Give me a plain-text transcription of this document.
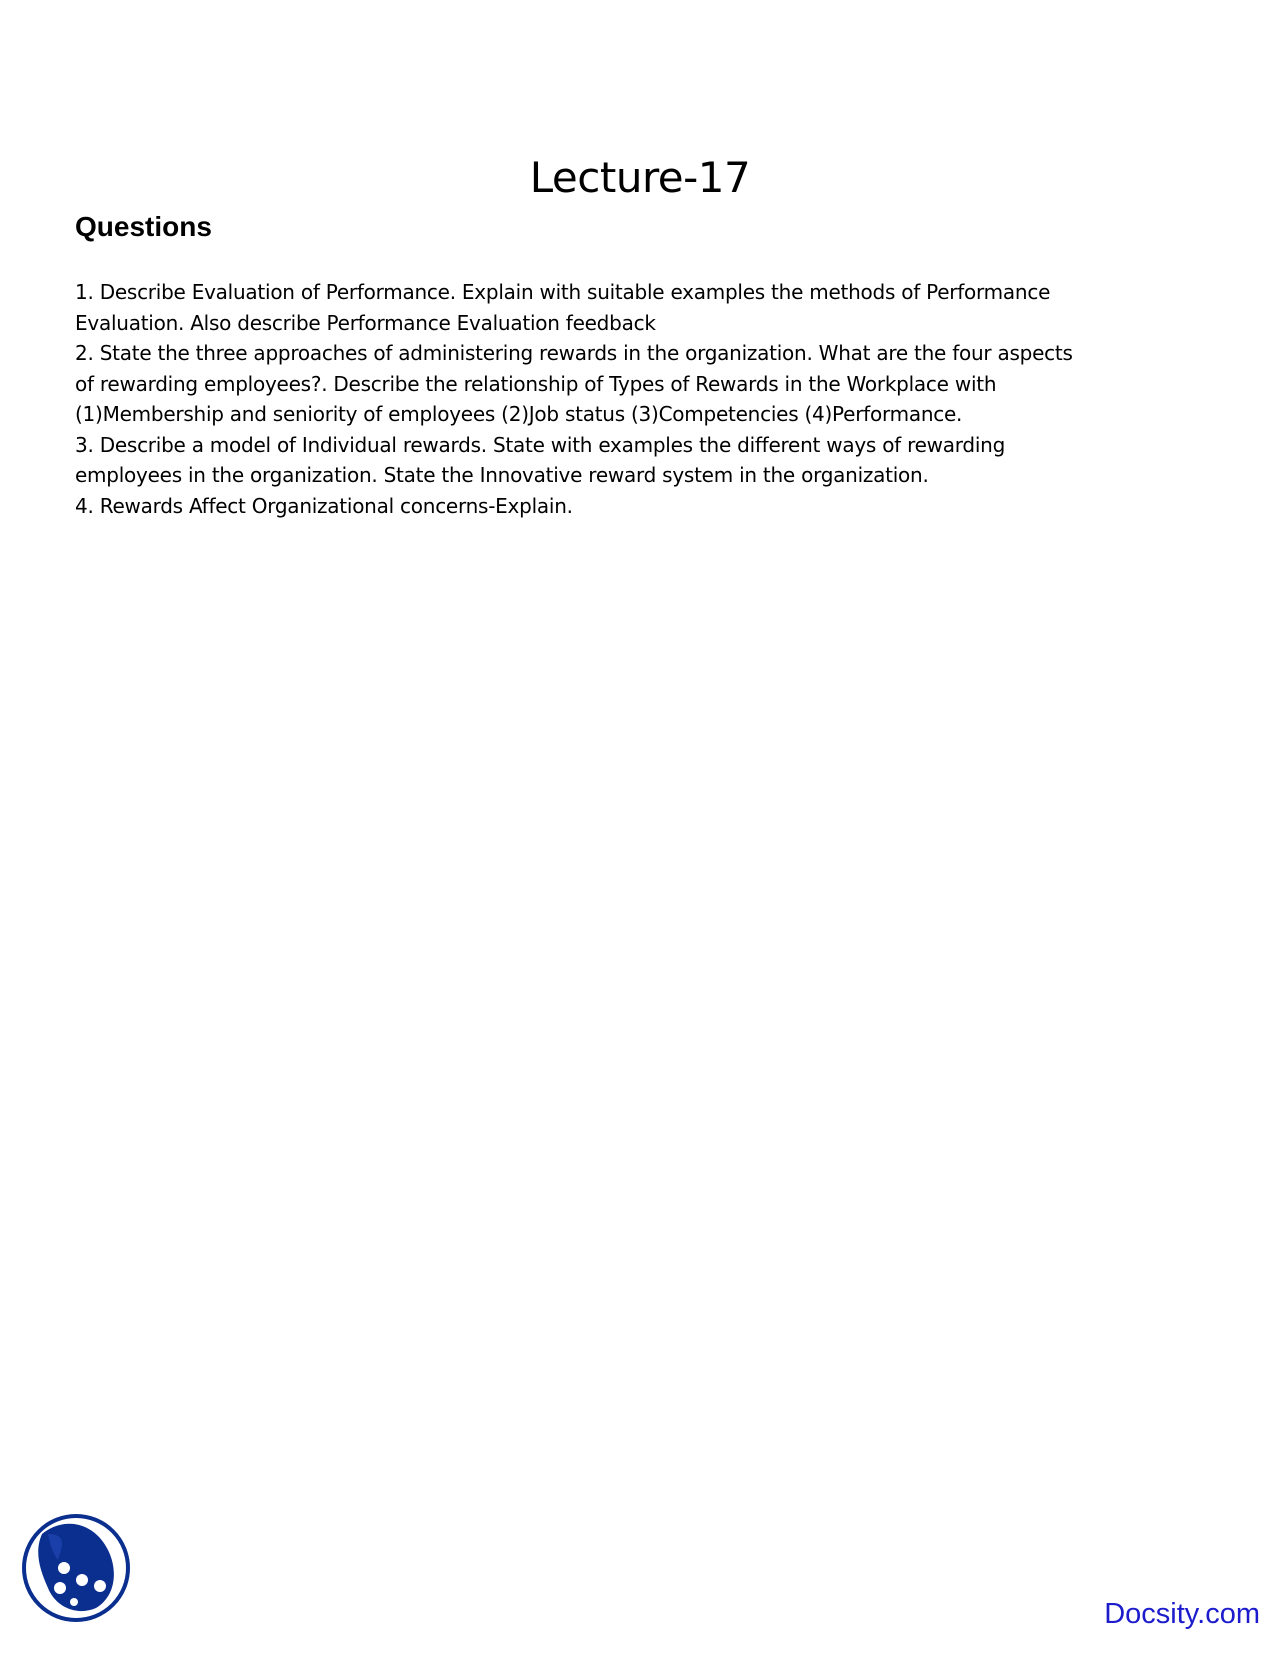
Lecture-17
Questions

1. Describe Evaluation of Performance. Explain with suitable examples the methods of Performance Evaluation. Also describe Performance Evaluation feedback

2. State the three approaches of administering rewards in the organization. What are the four aspects of rewarding employees?. Describe the relationship of Types of Rewards in the Workplace with (1)Membership and seniority of employees (2)Job status (3)Competencies (4)Performance.

3. Describe a model of Individual rewards. State with examples the different ways of rewarding employees in the organization. State the Innovative reward system in the organization.

4. Rewards Affect Organizational concerns-Explain.

Docsity.com
